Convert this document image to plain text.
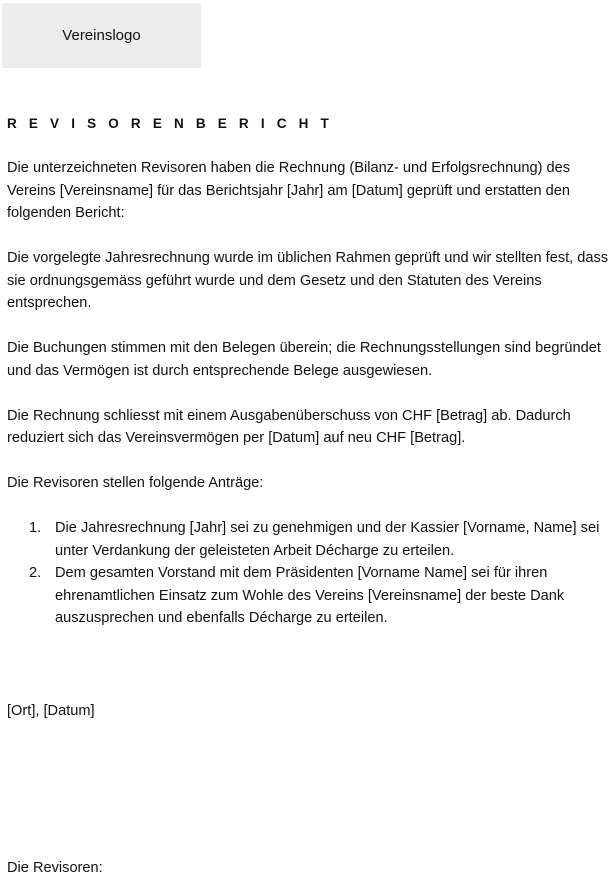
Vereinslogo
R E V I S O R E N B E R I C H T

Die unterzeichneten Revisoren haben die Rechnung (Bilanz- und Erfolgsrechnung) des Vereins [Vereinsname] für das Berichtsjahr [Jahr] am [Datum] geprüft und erstatten den folgenden Bericht:

Die vorgelegte Jahresrechnung wurde im üblichen Rahmen geprüft und wir stellten fest, dass sie ordnungsgemäss geführt wurde und dem Gesetz und den Statuten des Vereins entsprechen.

Die Buchungen stimmen mit den Belegen überein; die Rechnungsstellungen sind begründet und das Vermögen ist durch entsprechende Belege ausgewiesen.

Die Rechnung schliesst mit einem Ausgabenüberschuss von CHF [Betrag] ab. Dadurch reduziert sich das Vereinsvermögen per [Datum] auf neu CHF [Betrag].

Die Revisoren stellen folgende Anträge:

1. Die Jahresrechnung [Jahr] sei zu genehmigen und der Kassier [Vorname, Name] sei unter Verdankung der geleisteten Arbeit Décharge zu erteilen.
2. Dem gesamten Vorstand mit dem Präsidenten [Vorname Name] sei für ihren ehrenamtlichen Einsatz zum Wohle des Vereins [Vereinsname] der beste Dank auszusprechen und ebenfalls Décharge zu erteilen.
[Ort], [Datum]
Die Revisoren:
